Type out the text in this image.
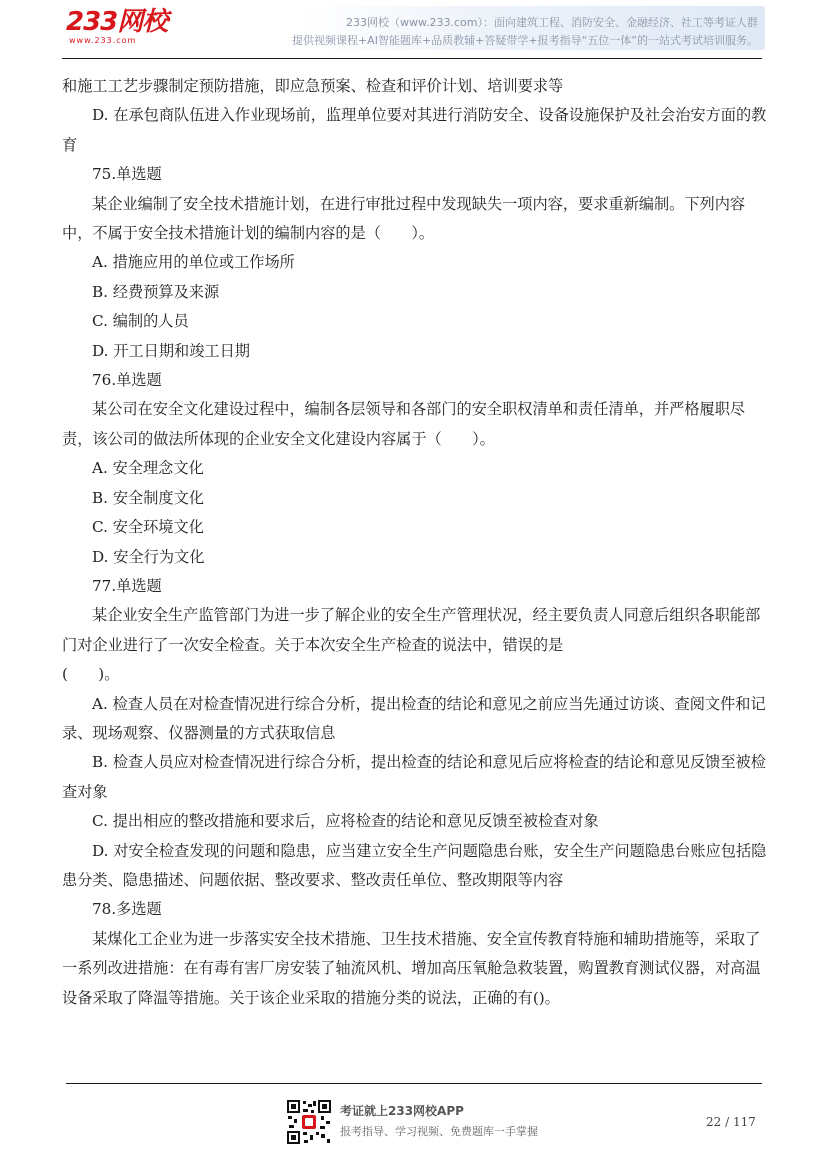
233网校
www.233.com
233网校（www.233.com）：面向建筑工程、消防安全、金融经济、社工等考证人群
提供视频课程+AI智能题库+品质教辅+答疑带学+报考指导“五位一体”的一站式考试培训服务。

和施工工艺步骤制定预防措施，即应急预案、检查和评价计划、培训要求等

D. 在承包商队伍进入作业现场前，监理单位要对其进行消防安全、设备设施保护及社会治安方面的教育

75.单选题

某企业编制了安全技术措施计划，在进行审批过程中发现缺失一项内容，要求重新编制。下列内容中，不属于安全技术措施计划的编制内容的是（　　）。

A. 措施应用的单位或工作场所

B. 经费预算及来源

C. 编制的人员

D. 开工日期和竣工日期

76.单选题

某公司在安全文化建设过程中，编制各层领导和各部门的安全职权清单和责任清单，并严格履职尽责，该公司的做法所体现的企业安全文化建设内容属于（　　）。

A. 安全理念文化

B. 安全制度文化

C. 安全环境文化

D. 安全行为文化

77.单选题

某企业安全生产监管部门为进一步了解企业的安全生产管理状况，经主要负责人同意后组织各职能部门对企业进行了一次安全检查。关于本次安全生产检查的说法中，错误的是

(　　)。

A. 检查人员在对检查情况进行综合分析，提出检查的结论和意见之前应当先通过访谈、查阅文件和记录、现场观察、仪器测量的方式获取信息

B. 检查人员应对检查情况进行综合分析，提出检查的结论和意见后应将检查的结论和意见反馈至被检查对象

C. 提出相应的整改措施和要求后，应将检查的结论和意见反馈至被检查对象

D. 对安全检查发现的问题和隐患，应当建立安全生产问题隐患台账，安全生产问题隐患台账应包括隐患分类、隐患描述、问题依据、整改要求、整改责任单位、整改期限等内容

78.多选题

某煤化工企业为进一步落实安全技术措施、卫生技术措施、安全宣传教育特施和辅助措施等，采取了一系列改进措施：在有毒有害厂房安装了轴流风机、增加高压氧舱急救装置，购置教育测试仪器，对高温设备采取了降温等措施。关于该企业采取的措施分类的说法，正确的有()。

考证就上233网校APP
报考指导、学习视频、免费题库一手掌握
22 / 117
